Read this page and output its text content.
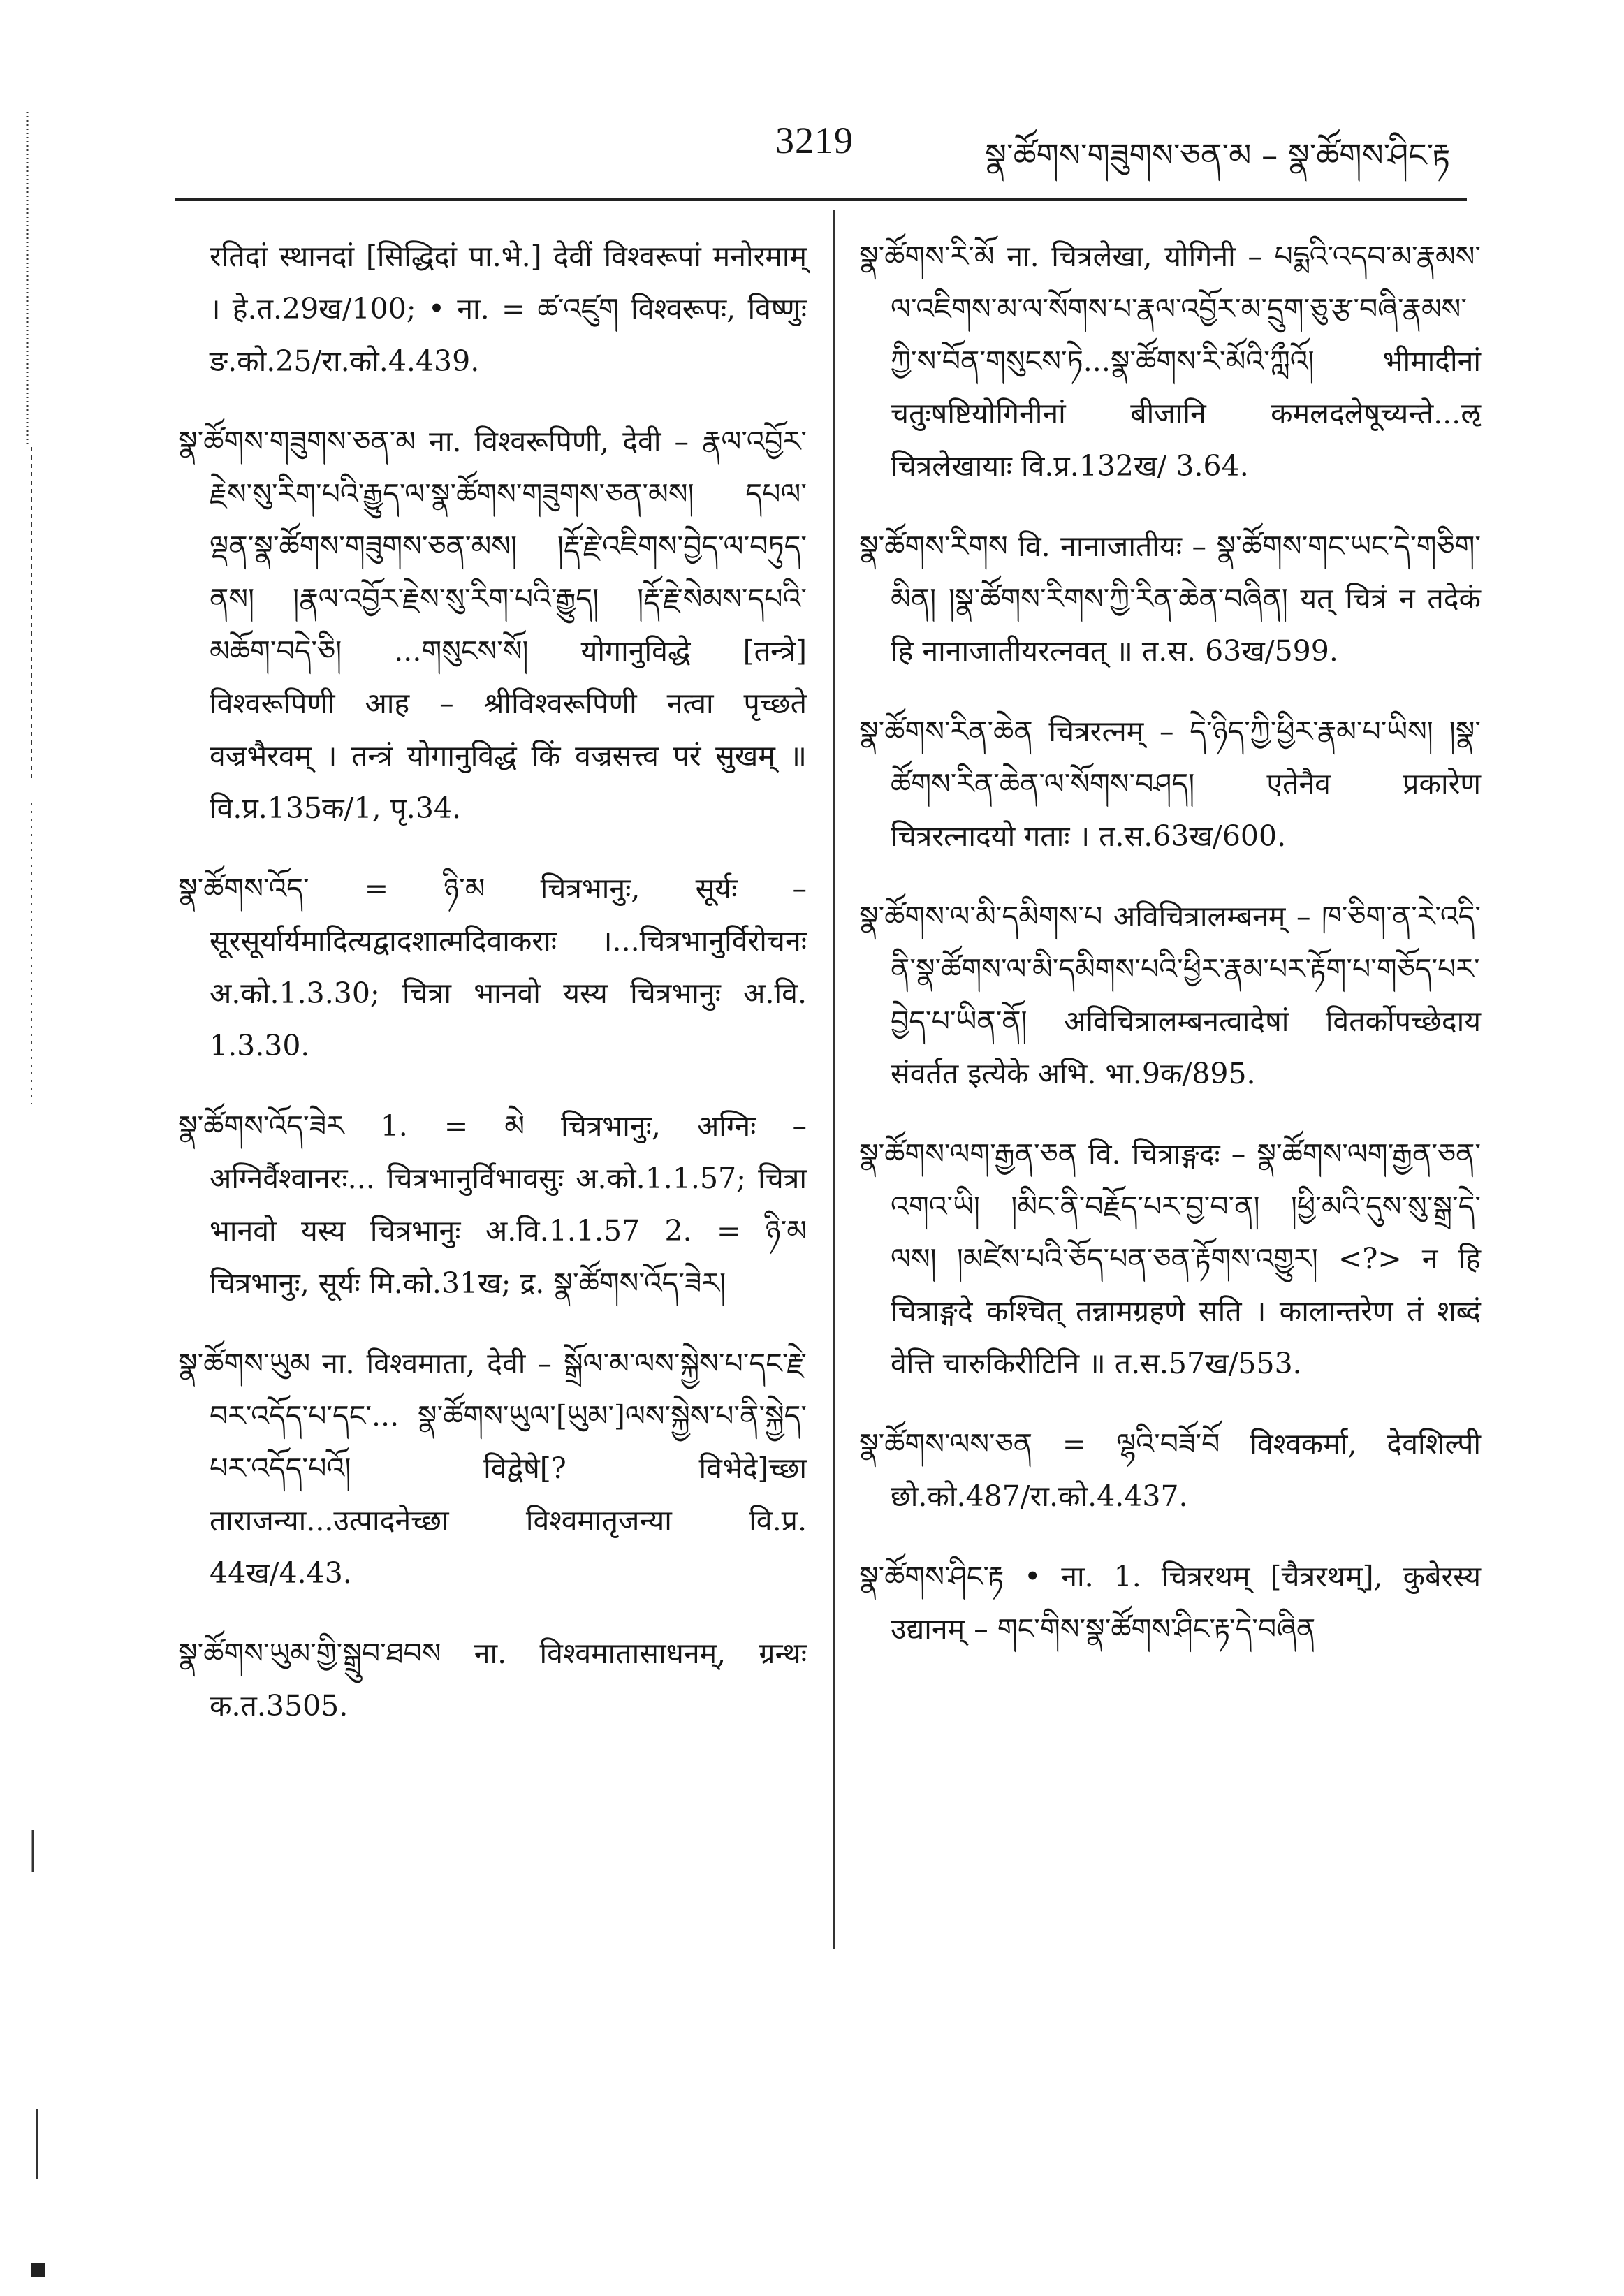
3219	སྣ་ཚོགས་གཟུགས་ཅན་མ – སྣ་ཚོགས་ཤིང་རྟ

रतिदां स्थानदां [सिद्धिदां पा.भे.] देवीं विश्वरूपां मनोरमाम् । हे.त.29ख/100; • ना. = ཚ་འཛུག विश्वरूपः, विष्णुः ङ.को.25/रा.को.4.439.

སྣ་ཚོགས་གཟུགས་ཅན་མ ना. विश्वरूपिणी, देवी – རྣལ་འབྱོར་རྗེས་སུ་རིག་པའི་རྒྱུད་ལ་སྣ་ཚོགས་གཟུགས་ཅན་མས། དཔལ་ལྡན་སྣ་ཚོགས་གཟུགས་ཅན་མས། །རྡོ་རྗེ་འཇིགས་བྱེད་ལ་བཏུད་ནས། །རྣལ་འབྱོར་རྗེས་སུ་རིག་པའི་རྒྱུད། །རྡོ་རྗེ་སེམས་དཔའི་མཆོག་བདེ་ཅི། ...གསུངས་སོ། योगानुविद्धे [तन्त्रे] विश्वरूपिणी आह – श्रीविश्वरूपिणी नत्वा पृच्छते वज्रभैरवम् । तन्त्रं योगानुविद्धं किं वज्रसत्त्व परं सुखम् ॥ वि.प्र.135क/1, पृ.34.

སྣ་ཚོགས་འོད་ = ཉི་མ चित्रभानुः, सूर्यः – सूरसूर्यार्यमादित्यद्वादशात्मदिवाकराः ।...चित्रभानुर्विरोचनः अ.को.1.3.30; चित्रा भानवो यस्य चित्रभानुः अ.वि. 1.3.30.

སྣ་ཚོགས་འོད་ཟེར 1. = མེ चित्रभानुः, अग्निः – अग्निर्वैश्वानरः... चित्रभानुर्विभावसुः अ.को.1.1.57; चित्रा भानवो यस्य चित्रभानुः अ.वि.1.1.57 2. = ཉི་མ चित्रभानुः, सूर्यः मि.को.31ख; द्र. སྣ་ཚོགས་འོད་ཟེར།

སྣ་ཚོགས་ཡུམ ना. विश्वमाता, देवी – སྒྲོལ་མ་ལས་སྐྱེས་པ་དང་རྗེ་བར་འདོད་པ་དང་... སྣ་ཚོགས་ཡུལ་[ཡུམ་]ལས་སྐྱེས་པ་ནི་སྐྱེད་པར་འདོད་པའོ། विद्वेषे[? विभेदे]च्छा ताराजन्या...उत्पादनेच्छा विश्वमातृजन्या वि.प्र. 44ख/4.43.

སྣ་ཚོགས་ཡུམ་གྱི་སྒྲུབ་ཐབས ना. विश्वमातासाधनम्, ग्रन्थः क.त.3505.

སྣ་ཚོགས་རི་མོ ना. चित्रलेखा, योगिनी – པདྨའི་འདབ་མ་རྣམས་ལ་འཇིགས་མ་ལ་སོགས་པ་རྣལ་འབྱོར་མ་དྲུག་ཅུ་རྩ་བཞི་རྣམས་ཀྱི་ས་བོན་གསུངས་ཏེ...སྣ་ཚོགས་རི་མོའི་ཀླྀའོ། भीमादीनां चतुःषष्टियोगिनीनां बीजानि कमलदलेषूच्यन्ते...ऌ चित्रलेखायाः वि.प्र.132ख/ 3.64.

སྣ་ཚོགས་རིགས वि. नानाजातीयः – སྣ་ཚོགས་གང་ཡང་དེ་གཅིག་མིན། །སྣ་ཚོགས་རིགས་ཀྱི་རིན་ཆེན་བཞིན། यत् चित्रं न तदेकं हि नानाजातीयरत्नवत् ॥ त.स. 63ख/599.

སྣ་ཚོགས་རིན་ཆེན चित्ररत्नम् – དེ་ཉིད་ཀྱི་ཕྱིར་རྣམ་པ་ཡིས། །སྣ་ཚོགས་རིན་ཆེན་ལ་སོགས་བཤད། एतेनैव प्रकारेण चित्ररत्नादयो गताः । त.स.63ख/600.

སྣ་ཚོགས་ལ་མི་དམིགས་པ अविचित्रालम्बनम् – ཁ་ཅིག་ན་རེ་འདི་ནི་སྣ་ཚོགས་ལ་མི་དམིགས་པའི་ཕྱིར་རྣམ་པར་རྟོག་པ་གཅོད་པར་བྱེད་པ་ཡིན་ནོ། अविचित्रालम्बनत्वादेषां वितर्कोपच्छेदाय संवर्तत इत्येके अभि. भा.9क/895.

སྣ་ཚོགས་ལག་རྒྱན་ཅན वि. चित्राङ्गदः – སྣ་ཚོགས་ལག་རྒྱན་ཅན་འགའ་ཡི། །མིང་ནི་བརྗོད་པར་བྱ་བ་ན། །ཕྱི་མའི་དུས་སུ་སྒྲ་དེ་ལས། །མཛེས་པའི་ཅོད་པན་ཅན་རྟོགས་འགྱུར། <?> न हि चित्राङ्गदे कश्चित् तन्नामग्रहणे सति । कालान्तरेण तं शब्दं वेत्ति चारुकिरीटिनि ॥ त.स.57ख/553.

སྣ་ཚོགས་ལས་ཅན = ལྷའི་བཟོ་བོ विश्वकर्मा, देवशिल्पी छो.को.487/रा.को.4.437.

སྣ་ཚོགས་ཤིང་རྟ • ना. 1. चित्ररथम् [चैत्ररथम्], कुबेरस्य उद्यानम् – གང་གིས་སྣ་ཚོགས་ཤིང་རྟ་དེ་བཞིན
